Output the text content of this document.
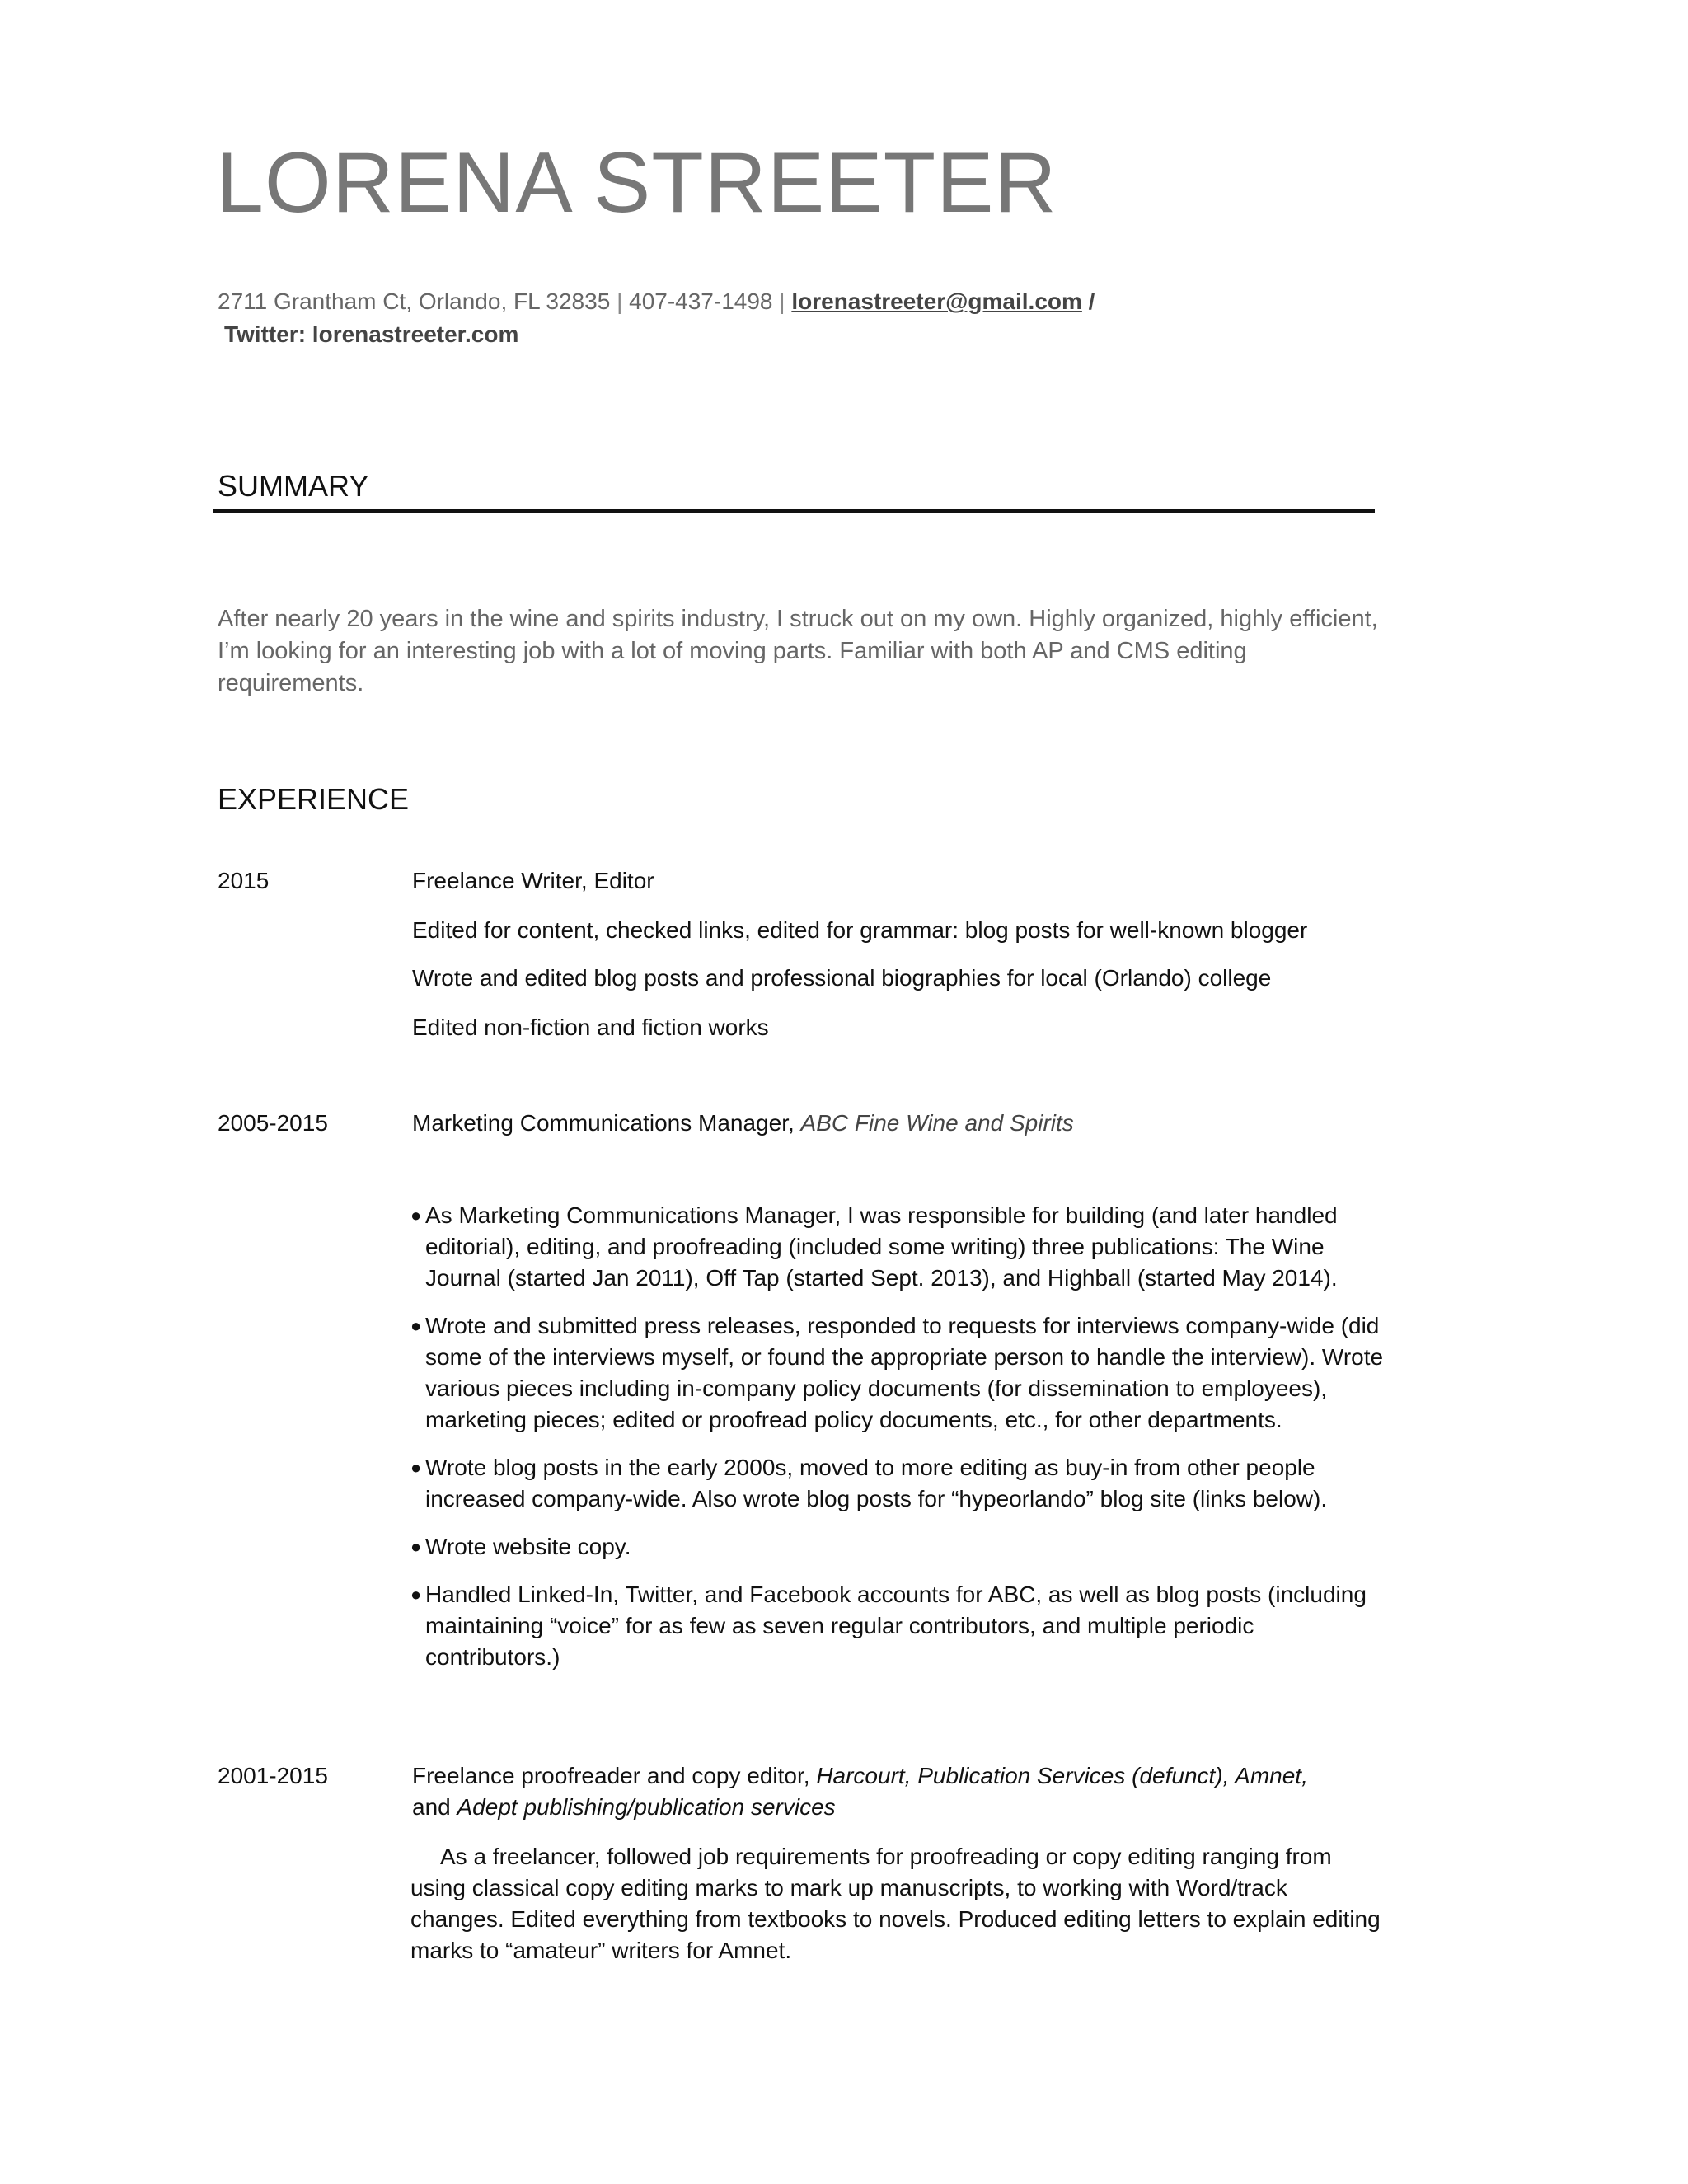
LORENA STREETER
2711 Grantham Ct, Orlando, FL 32835 | 407-437-1498 | lorenastreeter@gmail.com /
Twitter: lorenastreeter.com
SUMMARY
After nearly 20 years in the wine and spirits industry, I struck out on my own. Highly organized, highly efficient, I’m looking for an interesting job with a lot of moving parts. Familiar with both AP and CMS editing requirements.
EXPERIENCE
2015	Freelance Writer, Editor
Edited for content, checked links, edited for grammar: blog posts for well-known blogger
Wrote and edited blog posts and professional biographies for local (Orlando) college
Edited non-fiction and fiction works
2005-2015	Marketing Communications Manager, ABC Fine Wine and Spirits
● As Marketing Communications Manager, I was responsible for building (and later handled editorial), editing, and proofreading (included some writing) three publications: The Wine Journal (started Jan 2011), Off Tap (started Sept. 2013), and Highball (started May 2014).
● Wrote and submitted press releases, responded to requests for interviews company-wide (did some of the interviews myself, or found the appropriate person to handle the interview). Wrote various pieces including in-company policy documents (for dissemination to employees), marketing pieces; edited or proofread policy documents, etc., for other departments.
● Wrote blog posts in the early 2000s, moved to more editing as buy-in from other people increased company-wide. Also wrote blog posts for “hypeorlando” blog site (links below).
● Wrote website copy.
● Handled Linked-In, Twitter, and Facebook accounts for ABC, as well as blog posts (including maintaining “voice” for as few as seven regular contributors, and multiple periodic contributors.)
2001-2015	Freelance proofreader and copy editor, Harcourt, Publication Services (defunct), Amnet,
and Adept publishing/publication services
As a freelancer, followed job requirements for proofreading or copy editing ranging from using classical copy editing marks to mark up manuscripts, to working with Word/track changes. Edited everything from textbooks to novels. Produced editing letters to explain editing marks to “amateur” writers for Amnet.
